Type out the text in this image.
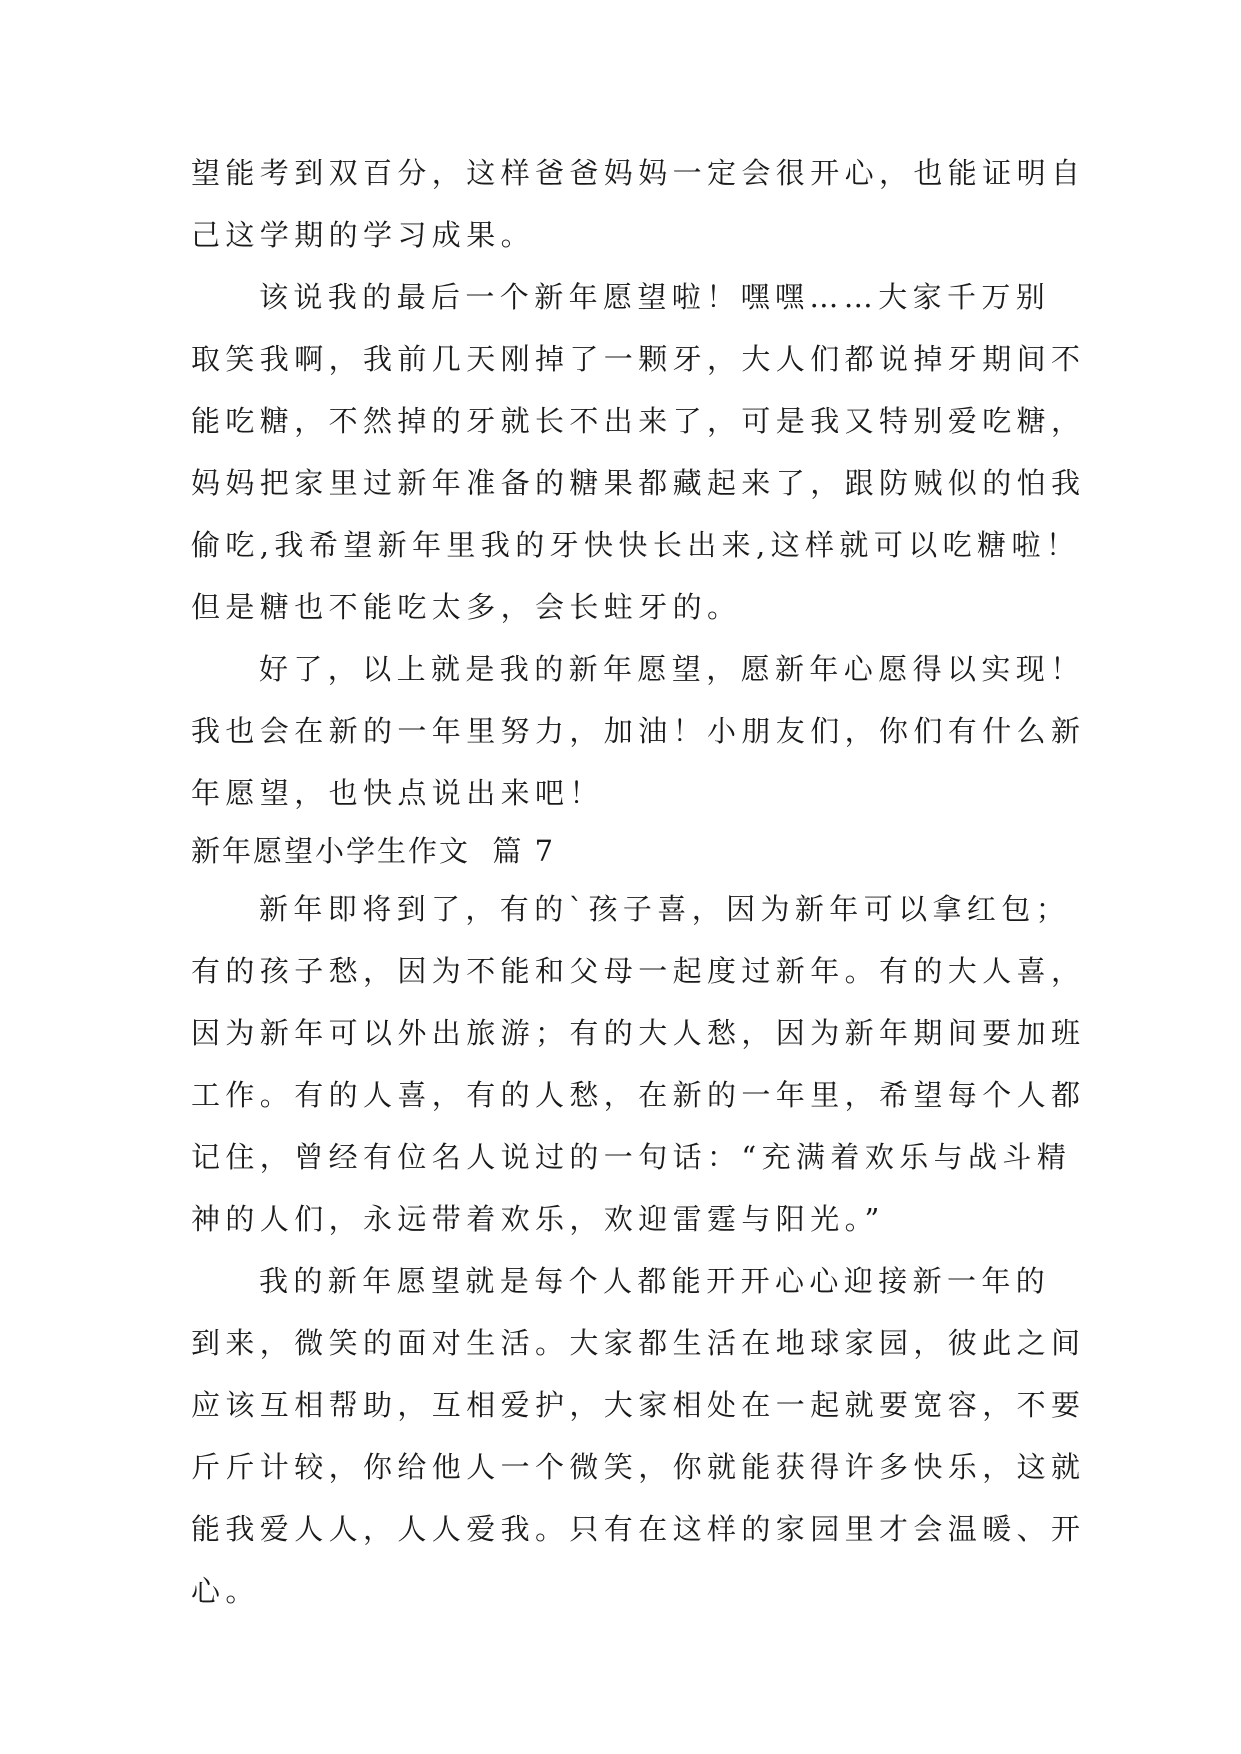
望能考到双百分，这样爸爸妈妈一定会很开心，也能证明自
己这学期的学习成果。
该说我的最后一个新年愿望啦！嘿嘿……大家千万别
取笑我啊，我前几天刚掉了一颗牙，大人们都说掉牙期间不
能吃糖，不然掉的牙就长不出来了，可是我又特别爱吃糖，
妈妈把家里过新年准备的糖果都藏起来了，跟防贼似的怕我
偷吃,我希望新年里我的牙快快长出来,这样就可以吃糖啦！
但是糖也不能吃太多，会长蛀牙的。
好了，以上就是我的新年愿望，愿新年心愿得以实现！
我也会在新的一年里努力，加油！小朋友们，你们有什么新
年愿望，也快点说出来吧！
新年愿望小学生作文  篇 7
新年即将到了，有的`孩子喜，因为新年可以拿红包；
有的孩子愁，因为不能和父母一起度过新年。有的大人喜，
因为新年可以外出旅游；有的大人愁，因为新年期间要加班
工作。有的人喜，有的人愁，在新的一年里，希望每个人都
记住，曾经有位名人说过的一句话：“充满着欢乐与战斗精
神的人们，永远带着欢乐，欢迎雷霆与阳光。”
我的新年愿望就是每个人都能开开心心迎接新一年的
到来，微笑的面对生活。大家都生活在地球家园，彼此之间
应该互相帮助，互相爱护，大家相处在一起就要宽容，不要
斤斤计较，你给他人一个微笑，你就能获得许多快乐，这就
能我爱人人，人人爱我。只有在这样的家园里才会温暖、开
心。
